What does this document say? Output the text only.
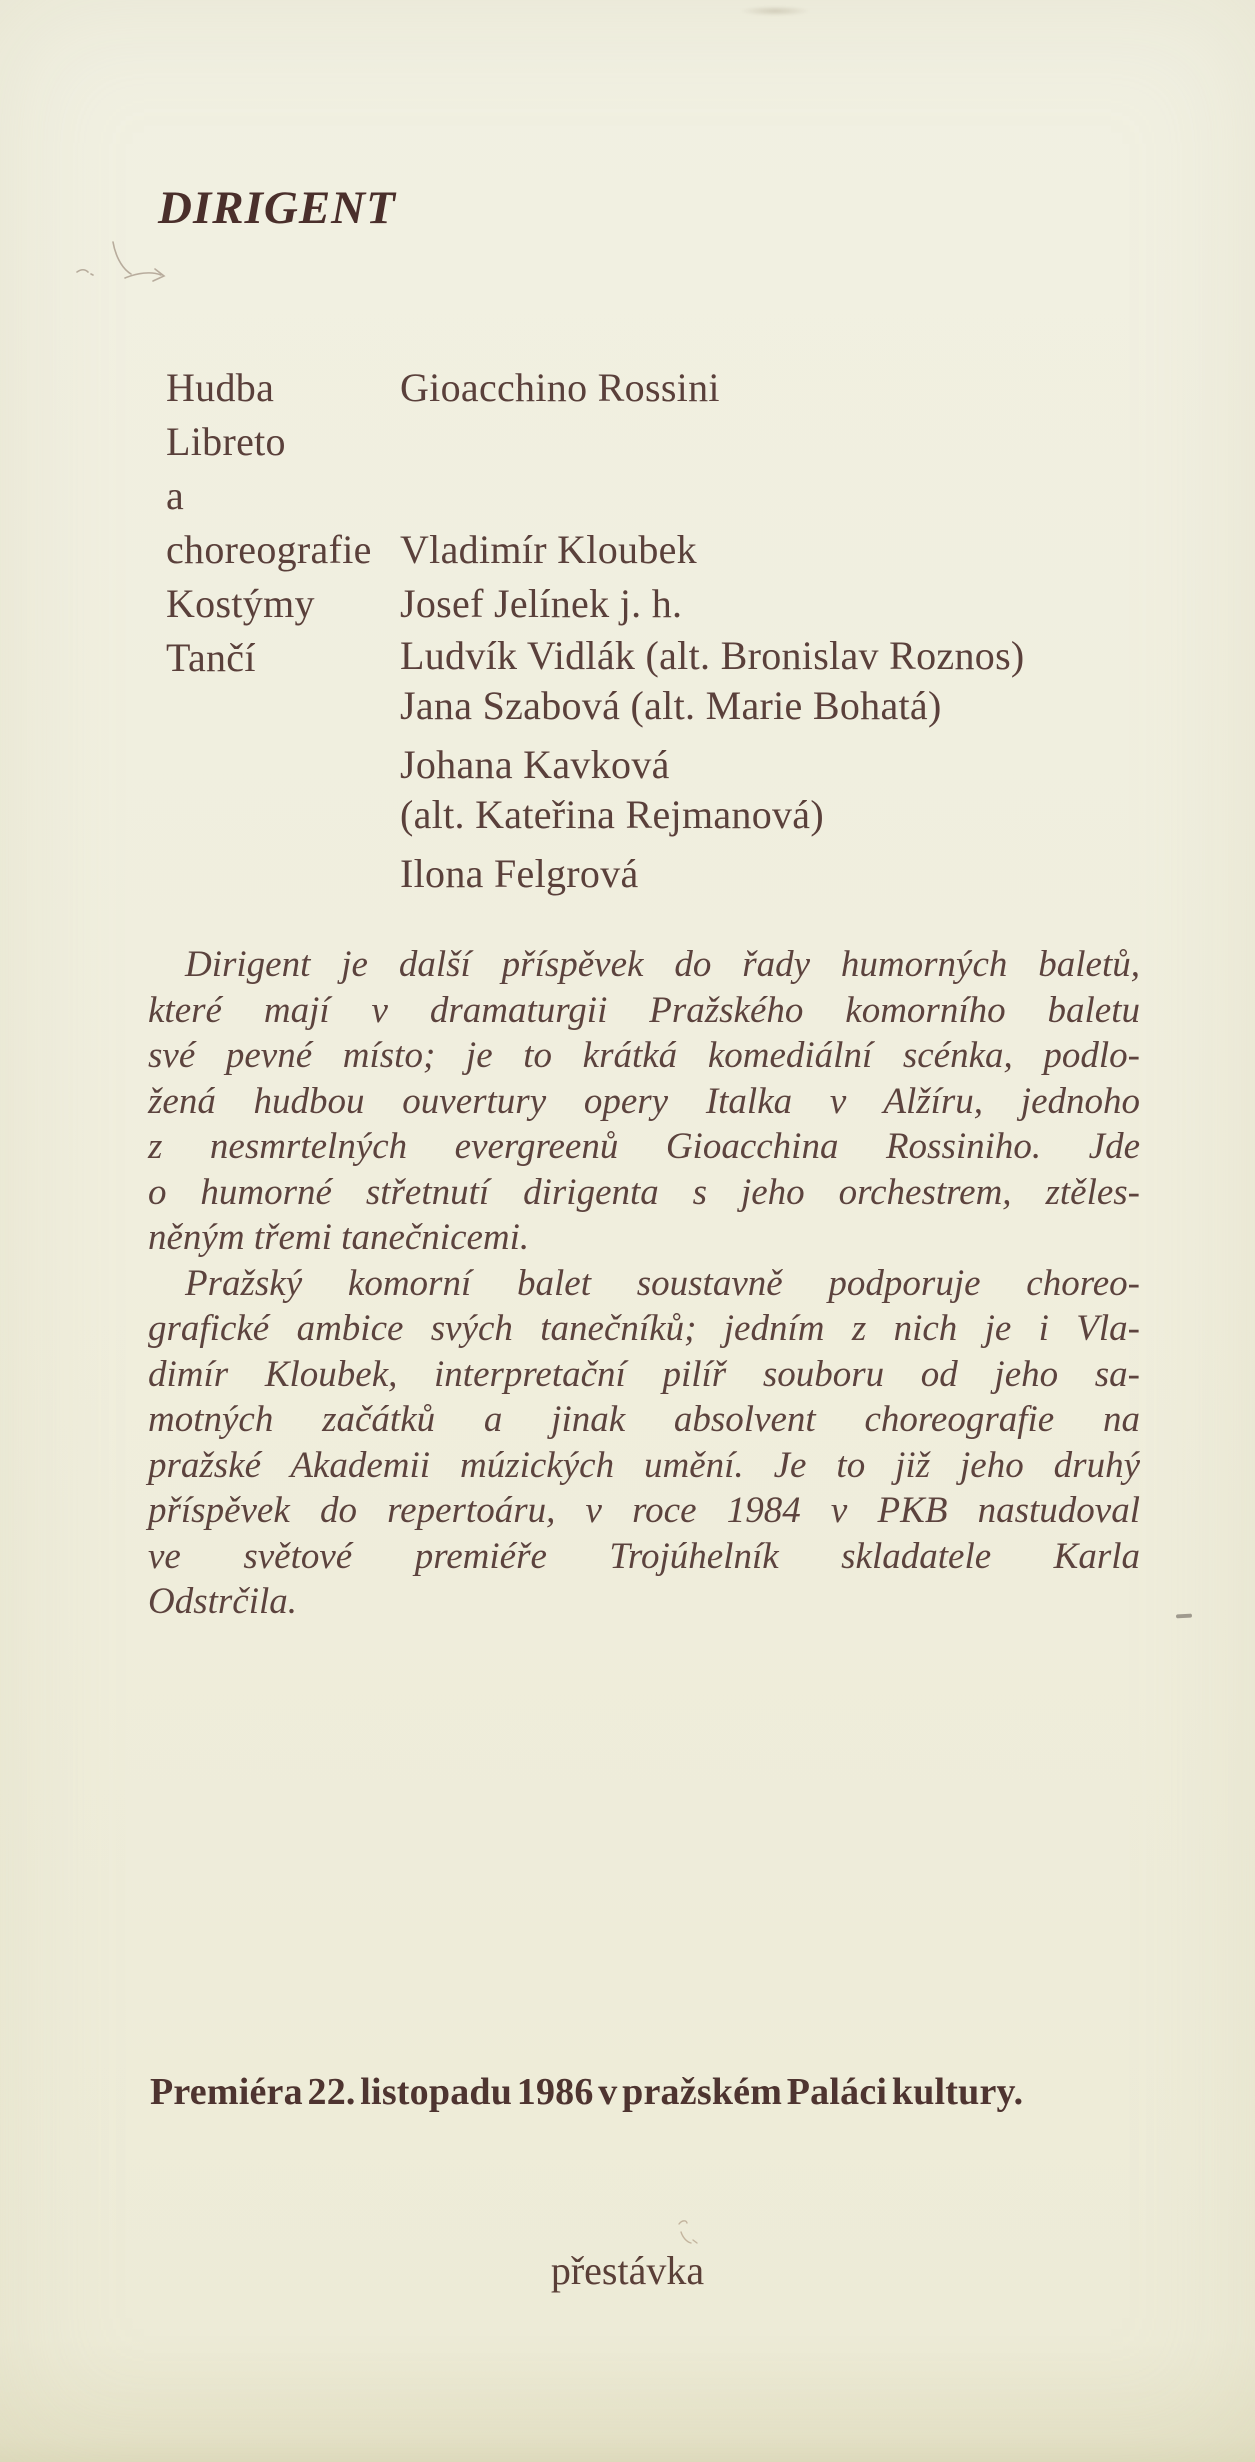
DIRIGENT
Hudba	Gioacchino Rossini
Libreto
a
choreografie Vladimír Kloubek
Kostýmy	Josef Jelínek j. h.
Tančí	Ludvík Vidlák (alt. Bronislav Roznos)
Jana Szabová (alt. Marie Bohatá)
Johana Kavková
(alt. Kateřina Rejmanová)
Ilona Felgrová
Dirigent je další příspěvek do řady humorných baletů,
které mají v dramaturgii Pražského komorního baletu
své pevné místo; je to krátká komediální scénka, podlo-
žená hudbou ouvertury opery Italka v Alžíru, jednoho
z nesmrtelných evergreenů Gioacchina Rossiniho. Jde
o humorné střetnutí dirigenta s jeho orchestrem, ztěles-
něným třemi tanečnicemi.
Pražský komorní balet soustavně podporuje choreo-
grafické ambice svých tanečníků; jedním z nich je i Vla-
dimír Kloubek, interpretační pilíř souboru od jeho sa-
motných začátků a jinak absolvent choreografie na
pražské Akademii múzických umění. Je to již jeho druhý
příspěvek do repertoáru, v roce 1984 v PKB nastudoval
ve světové premiéře Trojúhelník skladatele Karla
Odstrčila.
Premiéra 22. listopadu 1986 v pražském Paláci kultury.
přestávka
